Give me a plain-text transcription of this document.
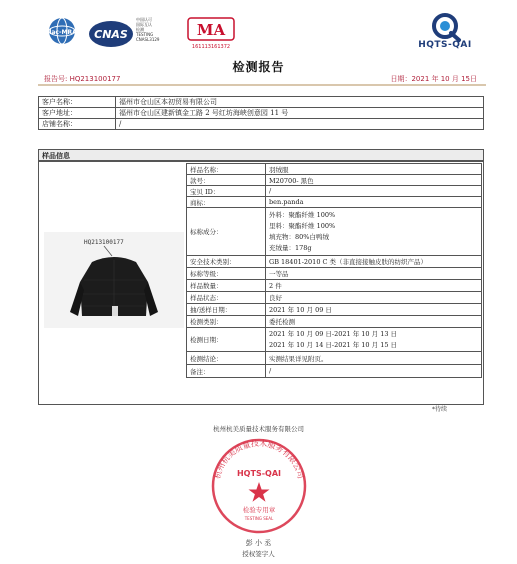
ilac-MRA CNAS
中国认可
国际互认
检测
TESTING
CNASL3129
MA
161113161372	HQTS-QAI
检测报告
报告号: HQ213100177	日期：2021 年 10 月 15日
客户名称：	福州市仓山区本初贸易有限公司
客户地址：	福州市仓山区建新镇金工路 2 号红坊海峡创意园 11 号
店铺名称：	/
样品信息
HQ213100177
样品名称：	羽绒服
款号：	M20700- 黑色
宝贝 ID：	/
商标：	ben.panda
标称成分：	外料：聚酯纤维 100%
里料：聚酯纤维 100%
填充物：80%白鸭绒
充绒量：178g

安全技术类别：	GB 18401-2010 C 类（非直接接触皮肤的纺织产品）
标称等级：	一等品
样品数量：	2 件
样品状态：	良好
抽/送样日期：	2021 年 10 月 09 日
检测类别：	委托检测
检测日期：	2021 年 10 月 09 日-2021 年 10 月 13 日
2021 年 10 月 14 日-2021 年 10 月 15 日

检测结论：	实测结果详见附页。
备注：	/
*待续
杭州杭美质量技术服务有限公司
杭州杭美质量技术服务有限公司
HQTS-QAI
检验专用章
TESTING SEAL
彭 小 丞
授权签字人
